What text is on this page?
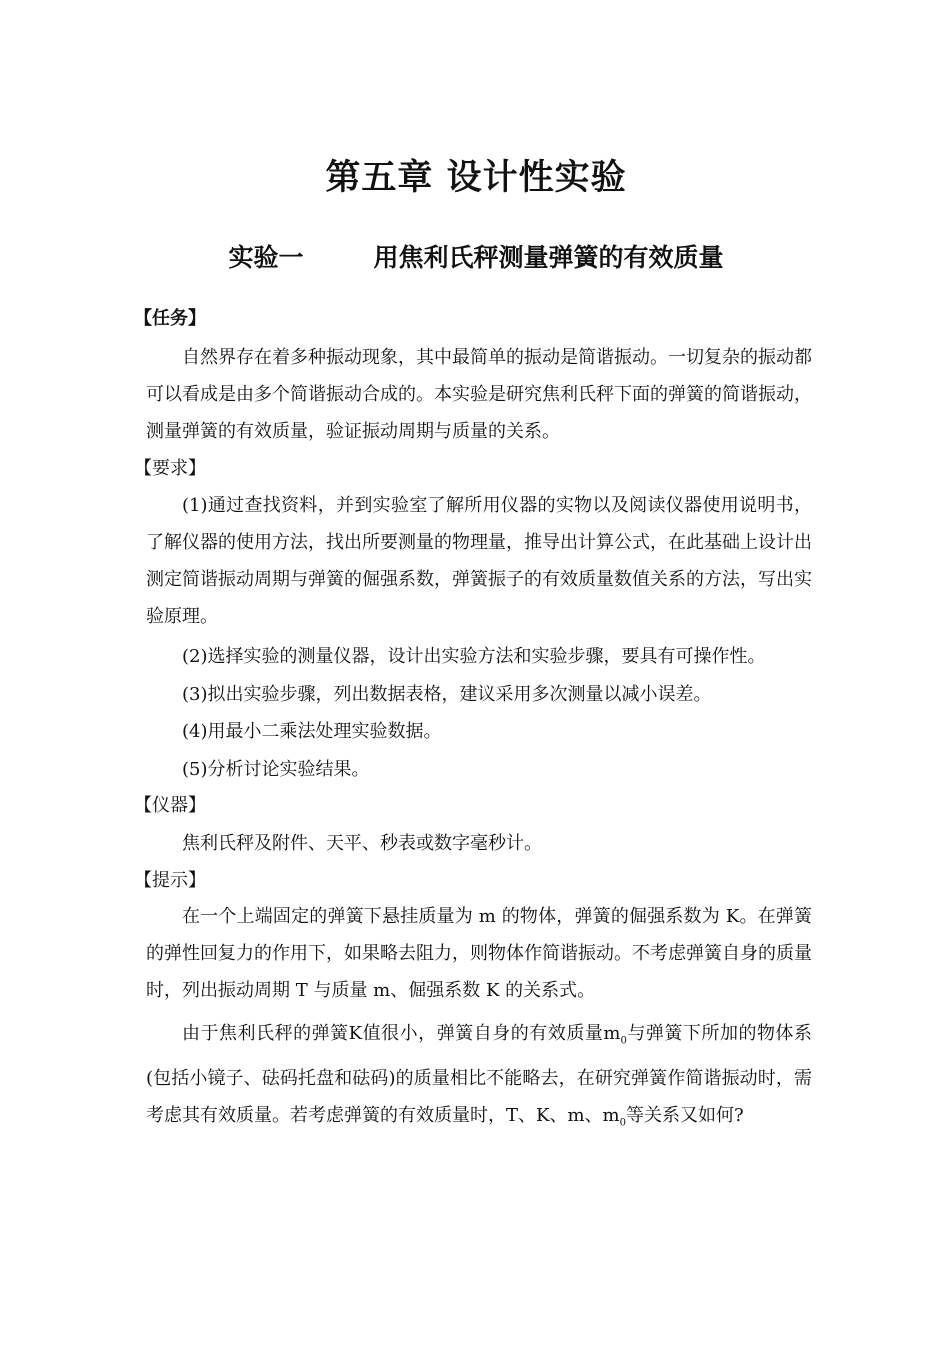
第五章 设计性实验
实验一	用焦利氏秤测量弹簧的有效质量
【任务】
自然界存在着多种振动现象，其中最简单的振动是简谐振动。一切复杂的振动都可以看成是由多个简谐振动合成的。本实验是研究焦利氏秤下面的弹簧的简谐振动，测量弹簧的有效质量，验证振动周期与质量的关系。
【要求】
(1)通过查找资料，并到实验室了解所用仪器的实物以及阅读仪器使用说明书，了解仪器的使用方法，找出所要测量的物理量，推导出计算公式，在此基础上设计出测定简谐振动周期与弹簧的倔强系数，弹簧振子的有效质量数值关系的方法，写出实验原理。
(2)选择实验的测量仪器，设计出实验方法和实验步骤，要具有可操作性。
(3)拟出实验步骤，列出数据表格，建议采用多次测量以减小误差。
(4)用最小二乘法处理实验数据。
(5)分析讨论实验结果。
【仪器】
焦利氏秤及附件、天平、秒表或数字毫秒计。
【提示】
在一个上端固定的弹簧下悬挂质量为 m 的物体，弹簧的倔强系数为 K。在弹簧的弹性回复力的作用下，如果略去阻力，则物体作简谐振动。不考虑弹簧自身的质量时，列出振动周期 T 与质量 m、倔强系数 K 的关系式。
由于焦利氏秤的弹簧K值很小，弹簧自身的有效质量$m_0$与弹簧下所加的物体系(包括小镜子、砝码托盘和砝码)的质量相比不能略去，在研究弹簧作简谐振动时，需考虑其有效质量。若考虑弹簧的有效质量时，T、K、m、$m_0$等关系又如何?
